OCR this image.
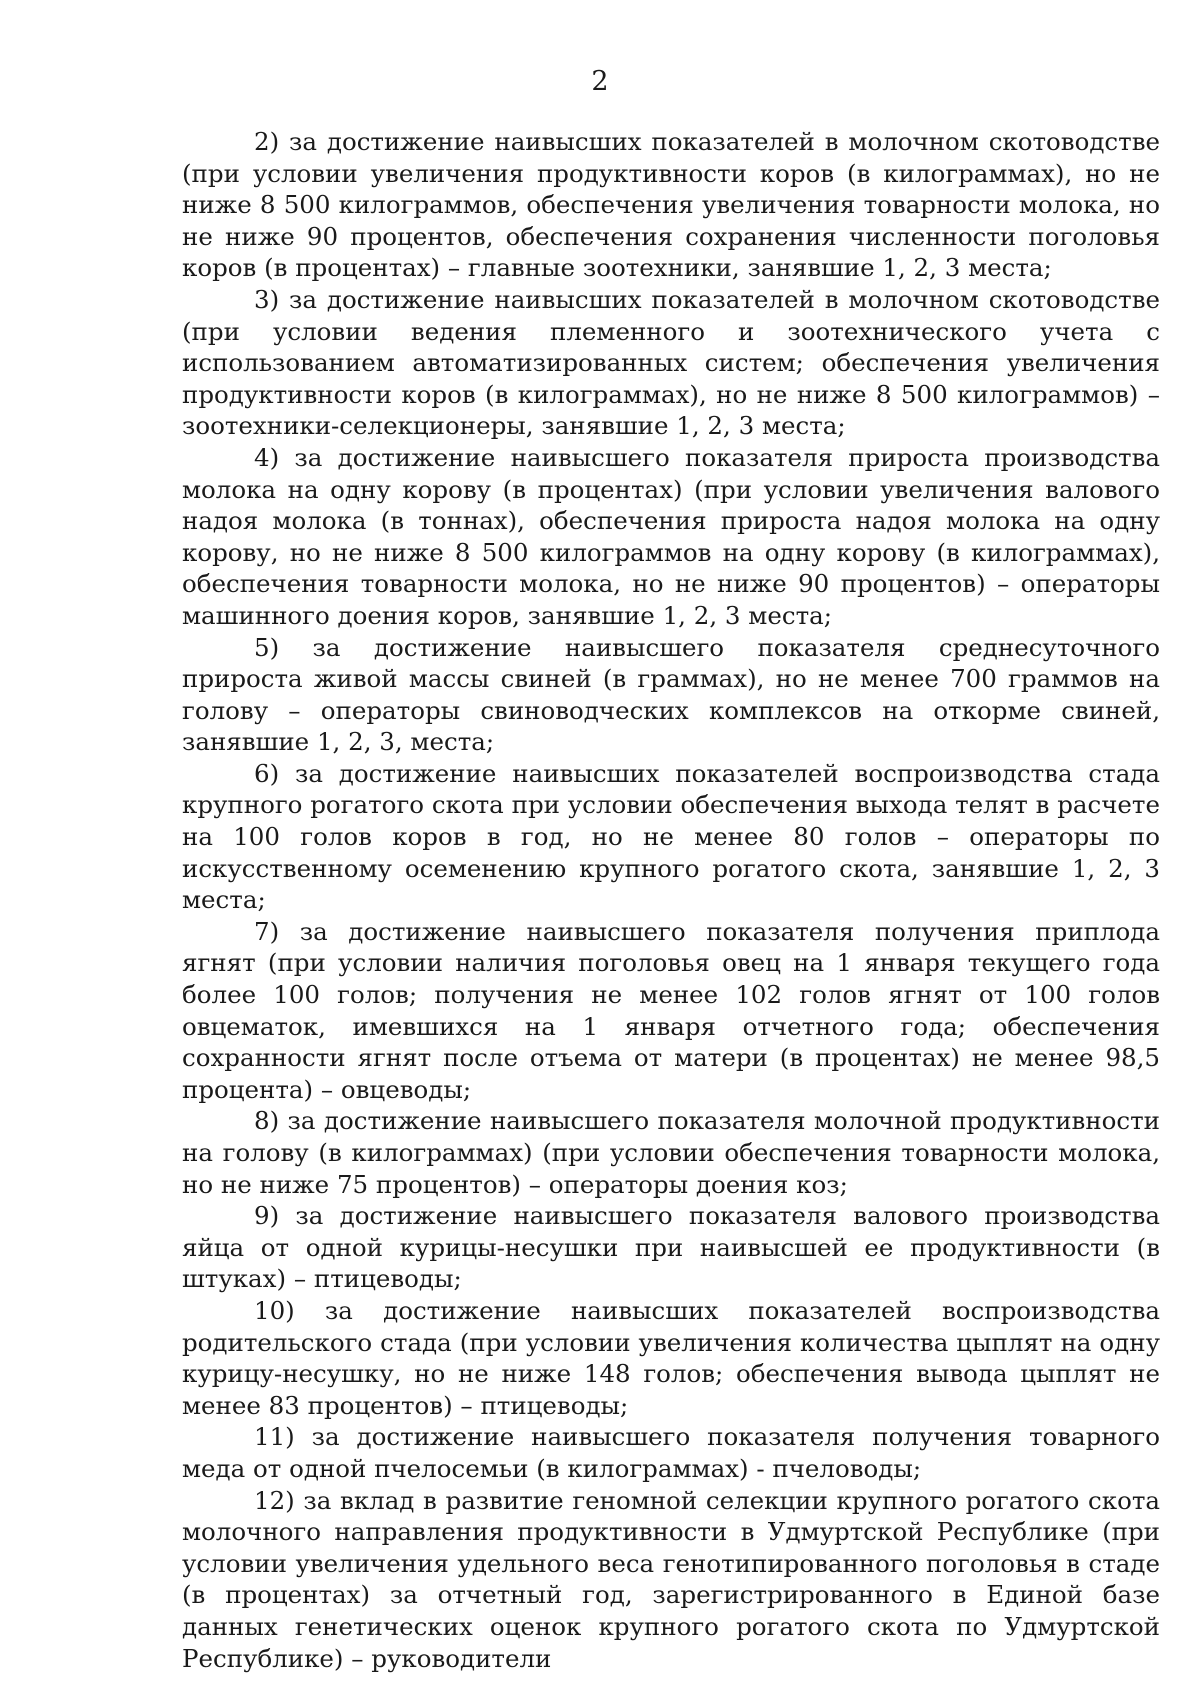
2

2) за достижение наивысших показателей в молочном скотоводстве (при условии увеличения продуктивности коров (в килограммах), но не ниже 8 500 килограммов, обеспечения увеличения товарности молока, но не ниже 90 процентов, обеспечения сохранения численности поголовья коров (в процентах) – главные зоотехники, занявшие 1, 2, 3 места;

3) за достижение наивысших показателей в молочном скотоводстве (при условии ведения племенного и зоотехнического учета с использованием автоматизированных систем; обеспечения увеличения продуктивности коров (в килограммах), но не ниже 8 500 килограммов) – зоотехники-селекционеры, занявшие 1, 2, 3 места;

4) за достижение наивысшего показателя прироста производства молока на одну корову (в процентах) (при условии увеличения валового надоя молока (в тоннах), обеспечения прироста надоя молока на одну корову, но не ниже 8 500 килограммов на одну корову (в килограммах), обеспечения товарности молока, но не ниже 90 процентов) – операторы машинного доения коров, занявшие 1, 2, 3 места;

5) за достижение наивысшего показателя среднесуточного прироста живой массы свиней (в граммах), но не менее 700 граммов на голову – операторы свиноводческих комплексов на откорме свиней, занявшие 1, 2, 3, места;

6) за достижение наивысших показателей воспроизводства стада крупного рогатого скота при условии обеспечения выхода телят в расчете на 100 голов коров в год, но не менее 80 голов – операторы по искусственному осеменению крупного рогатого скота, занявшие 1, 2, 3 места;

7) за достижение наивысшего показателя получения приплода ягнят (при условии наличия поголовья овец на 1 января текущего года более 100 голов; получения не менее 102 голов ягнят от 100 голов овцематок, имевшихся на 1 января отчетного года; обеспечения сохранности ягнят после отъема от матери (в процентах) не менее 98,5 процента) – овцеводы;

8) за достижение наивысшего показателя молочной продуктивности на голову (в килограммах) (при условии обеспечения товарности молока, но не ниже 75 процентов) – операторы доения коз;

9) за достижение наивысшего показателя валового производства яйца от одной курицы-несушки при наивысшей ее продуктивности (в штуках) – птицеводы;

10) за достижение наивысших показателей воспроизводства родительского стада (при условии увеличения количества цыплят на одну курицу-несушку, но не ниже 148 голов; обеспечения вывода цыплят не менее 83 процентов) – птицеводы;

11) за достижение наивысшего показателя получения товарного меда от одной пчелосемьи (в килограммах) - пчеловоды;

12) за вклад в развитие геномной селекции крупного рогатого скота молочного направления продуктивности в Удмуртской Республике (при условии увеличения удельного веса генотипированного поголовья в стаде (в процентах) за отчетный год, зарегистрированного в Единой базе данных генетических оценок крупного рогатого скота по Удмуртской Республике) – руководители
